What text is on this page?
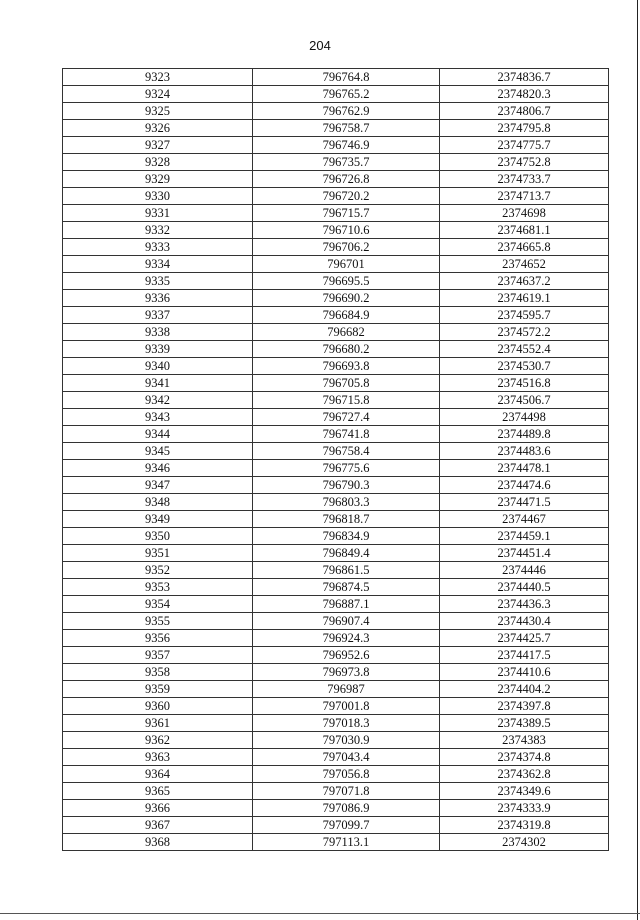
204
9323	796764.8	2374836.7
9324	796765.2	2374820.3
9325	796762.9	2374806.7
9326	796758.7	2374795.8
9327	796746.9	2374775.7
9328	796735.7	2374752.8
9329	796726.8	2374733.7
9330	796720.2	2374713.7
9331	796715.7	2374698
9332	796710.6	2374681.1
9333	796706.2	2374665.8
9334	796701	2374652
9335	796695.5	2374637.2
9336	796690.2	2374619.1
9337	796684.9	2374595.7
9338	796682	2374572.2
9339	796680.2	2374552.4
9340	796693.8	2374530.7
9341	796705.8	2374516.8
9342	796715.8	2374506.7
9343	796727.4	2374498
9344	796741.8	2374489.8
9345	796758.4	2374483.6
9346	796775.6	2374478.1
9347	796790.3	2374474.6
9348	796803.3	2374471.5
9349	796818.7	2374467
9350	796834.9	2374459.1
9351	796849.4	2374451.4
9352	796861.5	2374446
9353	796874.5	2374440.5
9354	796887.1	2374436.3
9355	796907.4	2374430.4
9356	796924.3	2374425.7
9357	796952.6	2374417.5
9358	796973.8	2374410.6
9359	796987	2374404.2
9360	797001.8	2374397.8
9361	797018.3	2374389.5
9362	797030.9	2374383
9363	797043.4	2374374.8
9364	797056.8	2374362.8
9365	797071.8	2374349.6
9366	797086.9	2374333.9
9367	797099.7	2374319.8
9368	797113.1	2374302
